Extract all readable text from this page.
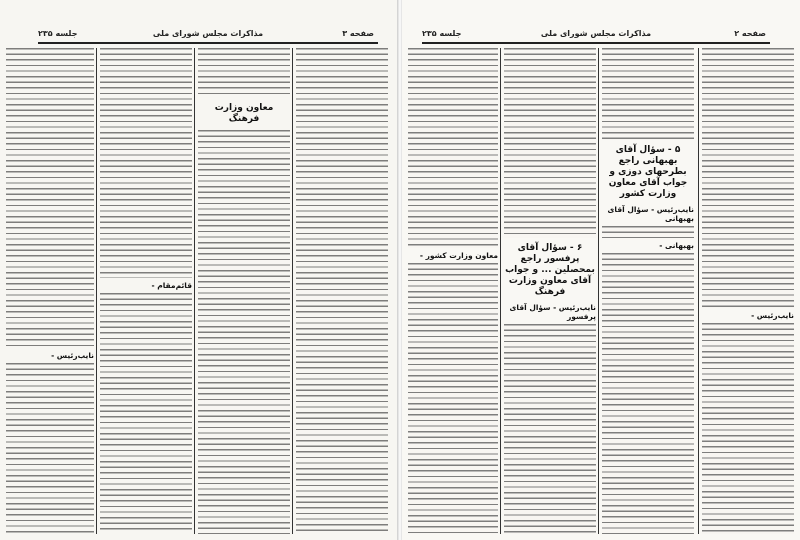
جلسه ۲۳۵	مذاکرات مجلس شورای ملی	صفحه ۳
معاون وزارت فرهنگ
قائم‌مقام -
نایب‌رئیس -
جلسه ۲۳۵	مذاکرات مجلس شورای ملی	صفحه ۲
نایب‌رئیس -
۵ - سؤال آقای بهبهانی راجع بطرحهای دوزی و جواب آقای معاون وزارت کشور
نایب‌رئیس - سؤال آقای بهبهانی
بهبهانی -
۶ - سؤال آقای پرفسور راجع بمحصلین ... و جواب آقای معاون وزارت فرهنگ
نایب‌رئیس - سؤال آقای پرفسور
معاون وزارت کشور -
